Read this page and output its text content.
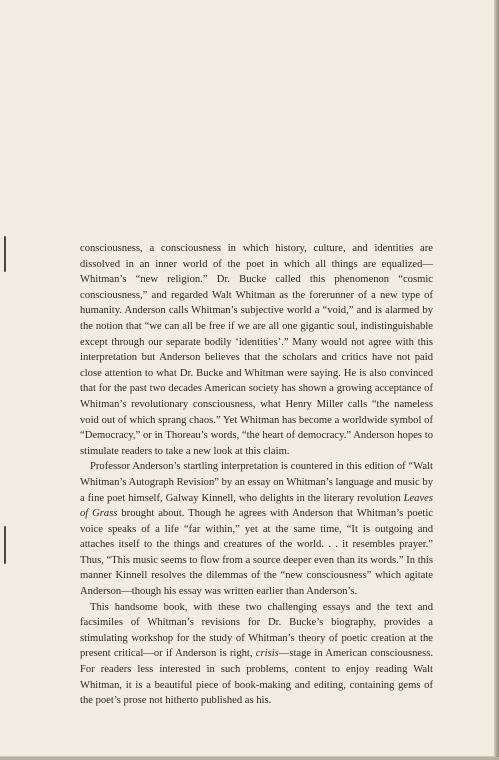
consciousness, a consciousness in which history, culture, and identities are dissolved in an inner world of the poet in which all things are equalized—Whitman’s “new religion.” Dr. Bucke called this phenomenon “cosmic consciousness,” and regarded Walt Whitman as the forerunner of a new type of humanity. Anderson calls Whitman’s subjective world a “void,” and is alarmed by the notion that “we can all be free if we are all one gigantic soul, indistinguishable except through our separate bodily ‘identities’.” Many would not agree with this interpretation but Anderson believes that the scholars and critics have not paid close attention to what Dr. Bucke and Whitman were saying. He is also convinced that for the past two decades American society has shown a growing acceptance of Whitman’s revolutionary consciousness, what Henry Miller calls “the nameless void out of which sprang chaos.” Yet Whitman has become a worldwide symbol of “Democracy,” or in Thoreau’s words, “the heart of democracy.” Anderson hopes to stimulate readers to take a new look at this claim.

Professor Anderson’s startling interpretation is countered in this edition of “Walt Whitman’s Autograph Revision” by an essay on Whitman’s language and music by a fine poet himself, Galway Kinnell, who delights in the literary revolution Leaves of Grass brought about. Though he agrees with Anderson that Whitman’s poetic voice speaks of a life “far within,” yet at the same time, “It is outgoing and attaches itself to the things and creatures of the world. . . it resembles prayer.” Thus, “This music seems to flow from a source deeper even than its words.” In this manner Kinnell resolves the dilemmas of the “new consciousness” which agitate Anderson—though his essay was written earlier than Anderson’s.

This handsome book, with these two challenging essays and the text and facsimiles of Whitman’s revisions for Dr. Bucke’s biography, provides a stimulating workshop for the study of Whitman’s theory of poetic creation at the present critical—or if Anderson is right, crisis—stage in American consciousness. For readers less interested in such problems, content to enjoy reading Walt Whitman, it is a beautiful piece of book-making and editing, containing gems of the poet’s prose not hitherto published as his.
